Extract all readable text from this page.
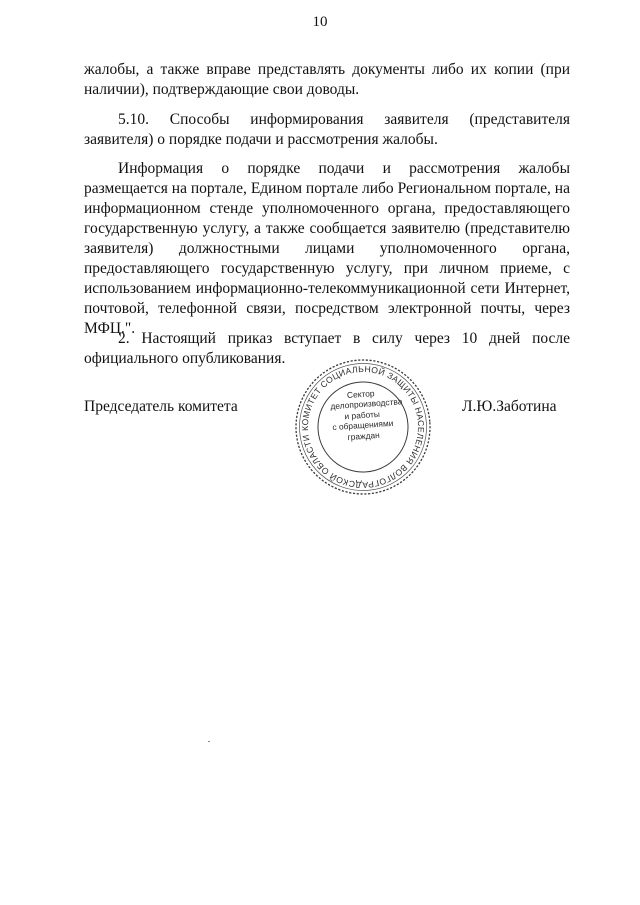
10

жалобы, а также вправе представлять документы либо их копии (при наличии), подтверждающие свои доводы.

5.10. Способы информирования заявителя (представителя заявителя) о порядке подачи и рассмотрения жалобы.

Информация о порядке подачи и рассмотрения жалобы размещается на портале, Едином портале либо Региональном портале, на информационном стенде уполномоченного органа, предоставляющего государственную услугу, а также сообщается заявителю (представителю заявителя) должностными лицами уполномоченного органа, предоставляющего государственную услугу, при личном приеме, с использованием информационно-телекоммуникационной сети Интернет, почтовой, телефонной связи, посредством электронной почты, через МФЦ.".

2. Настоящий приказ вступает в силу через 10 дней после официального опубликования.

Председатель комитета
КОМИТЕТ СОЦИАЛЬНОЙ ЗАЩИТЫ НАСЕЛЕНИЯ ВОЛГОГРАДСКОЙ ОБЛАСТИ
Сектор
делопроизводства
и работы
с обращениями
граждан
Л.Ю.Заботина
